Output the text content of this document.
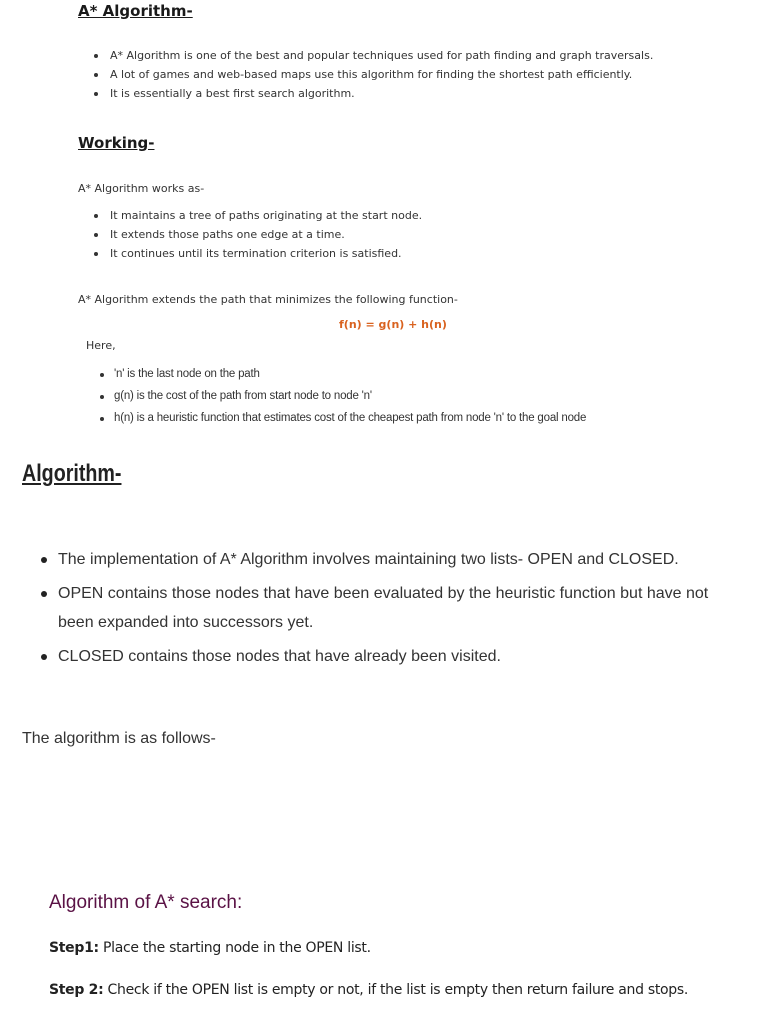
A* Algorithm-
A* Algorithm is one of the best and popular techniques used for path finding and graph traversals.
A lot of games and web-based maps use this algorithm for finding the shortest path efficiently.
It is essentially a best first search algorithm.
Working-
A* Algorithm works as-
It maintains a tree of paths originating at the start node.
It extends those paths one edge at a time.
It continues until its termination criterion is satisfied.
A* Algorithm extends the path that minimizes the following function-
f(n) = g(n) + h(n)
Here,
'n' is the last node on the path
g(n) is the cost of the path from start node to node 'n'
h(n) is a heuristic function that estimates cost of the cheapest path from node 'n' to the goal node
Algorithm-
The implementation of A* Algorithm involves maintaining two lists- OPEN and CLOSED.
OPEN contains those nodes that have been evaluated by the heuristic function but have not been expanded into successors yet.
CLOSED contains those nodes that have already been visited.
The algorithm is as follows-
Algorithm of A* search:
Step1: Place the starting node in the OPEN list.
Step 2: Check if the OPEN list is empty or not, if the list is empty then return failure and stops.
